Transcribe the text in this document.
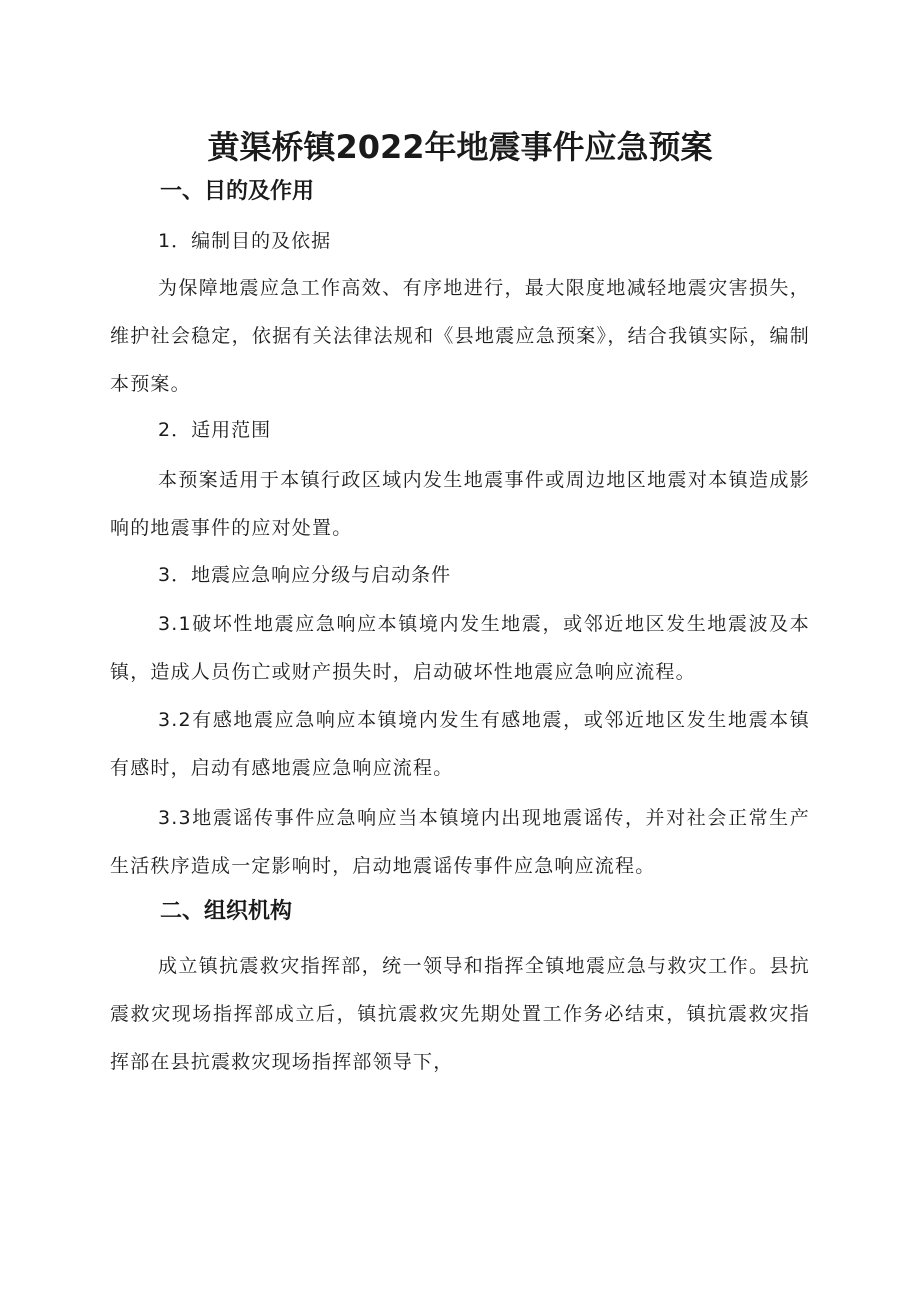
黄渠桥镇2022年地震事件应急预案
一、目的及作用
1．编制目的及依据
为保障地震应急工作高效、有序地进行，最大限度地减轻地震灾害损失，维护社会稳定，依据有关法律法规和《县地震应急预案》，结合我镇实际，编制本预案。
2．适用范围
本预案适用于本镇行政区域内发生地震事件或周边地区地震对本镇造成影响的地震事件的应对处置。
3．地震应急响应分级与启动条件
3.1破坏性地震应急响应本镇境内发生地震，或邻近地区发生地震波及本镇，造成人员伤亡或财产损失时，启动破坏性地震应急响应流程。
3.2有感地震应急响应本镇境内发生有感地震，或邻近地区发生地震本镇有感时，启动有感地震应急响应流程。
3.3地震谣传事件应急响应当本镇境内出现地震谣传，并对社会正常生产生活秩序造成一定影响时，启动地震谣传事件应急响应流程。
二、组织机构
成立镇抗震救灾指挥部，统一领导和指挥全镇地震应急与救灾工作。县抗震救灾现场指挥部成立后，镇抗震救灾先期处置工作务必结束，镇抗震救灾指挥部在县抗震救灾现场指挥部领导下，
